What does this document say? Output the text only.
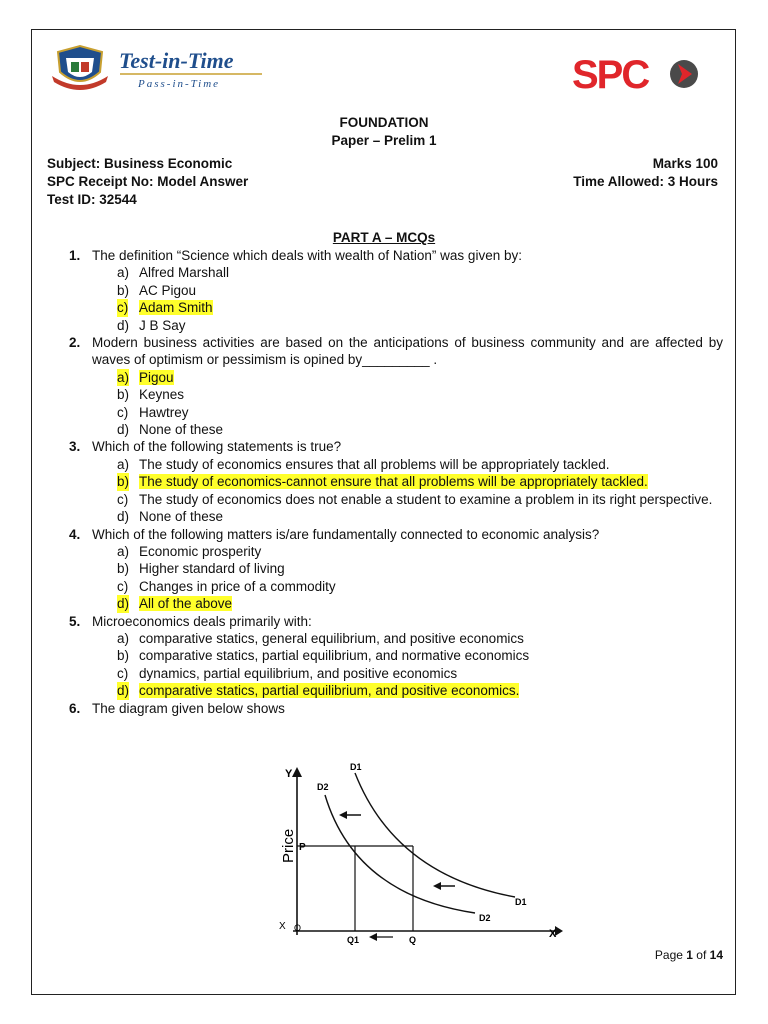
Test-in-Time
Pass-in-Time	SPC
FOUNDATION
Paper – Prelim 1
Subject: Business Economic
SPC Receipt No: Model Answer
Test ID: 32544
Marks 100
Time Allowed: 3 Hours
PART A – MCQs
1. The definition “Science which deals with wealth of Nation” was given by:
a) Alfred Marshall
b) AC Pigou
c) Adam Smith
d) J B Say
2. Modern business activities are based on the anticipations of business community and are affected by waves of optimism or pessimism is opined by_________ .
a) Pigou
b) Keynes
c) Hawtrey
d) None of these
3. Which of the following statements is true?
a) The study of economics ensures that all problems will be appropriately tackled.
b) The study of economics-cannot ensure that all problems will be appropriately tackled.
c) The study of economics does not enable a student to examine a problem in its right perspective.
d) None of these
4. Which of the following matters is/are fundamentally connected to economic analysis?
a) Economic prosperity
b) Higher standard of living
c) Changes in price of a commodity
d) All of the above
5. Microeconomics deals primarily with:
a) comparative statics, general equilibrium, and positive economics
b) comparative statics, partial equilibrium, and normative economics
c) dynamics, partial equilibrium, and positive economics
d) comparative statics, partial equilibrium, and positive economics.
6. The diagram given below shows
Y
X
X O
Price P
Q1	Q
D1
D2
D1
D2
Page 1 of 14
